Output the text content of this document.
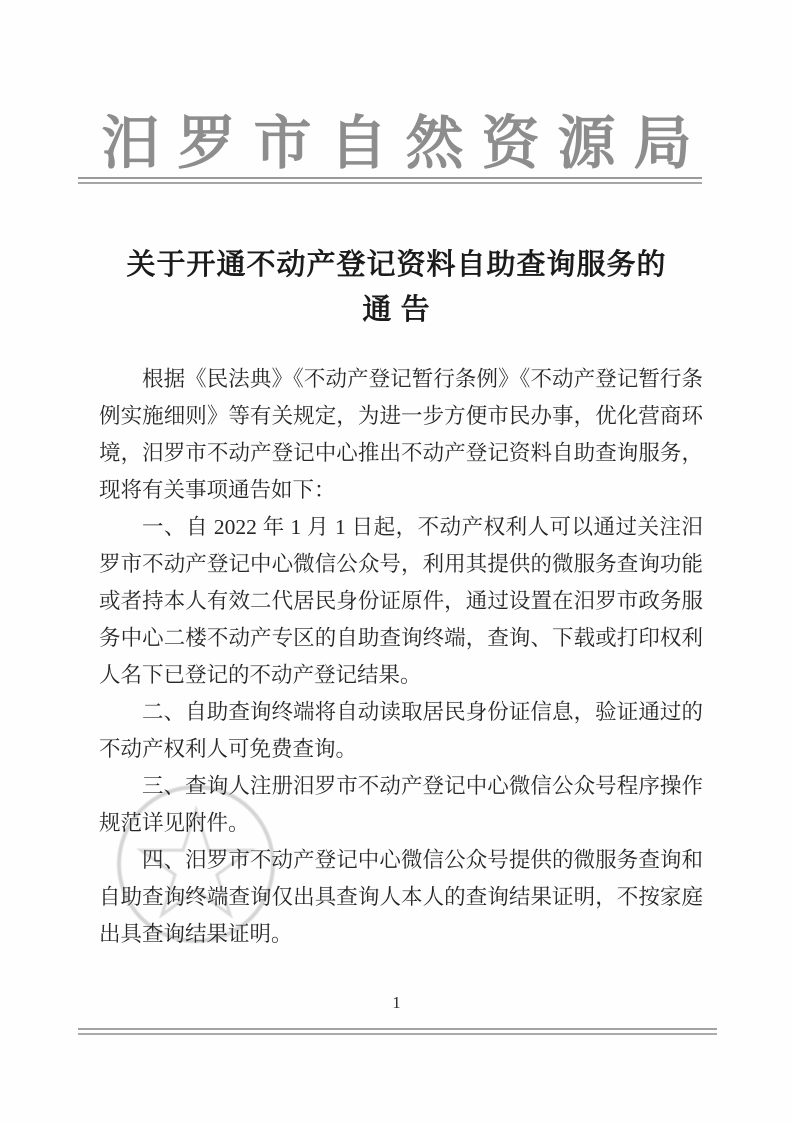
汨罗市自然资源局
关于开通不动产登记资料自助查询服务的
通 告

根据《民法典》《不动产登记暂行条例》《不动产登记暂行条例实施细则》等有关规定，为进一步方便市民办事，优化营商环境，汨罗市不动产登记中心推出不动产登记资料自助查询服务，现将有关事项通告如下：

一、自 2022 年 1 月 1 日起，不动产权利人可以通过关注汨罗市不动产登记中心微信公众号，利用其提供的微服务查询功能或者持本人有效二代居民身份证原件，通过设置在汨罗市政务服务中心二楼不动产专区的自助查询终端，查询、下载或打印权利人名下已登记的不动产登记结果。

二、自助查询终端将自动读取居民身份证信息，验证通过的不动产权利人可免费查询。

三、查询人注册汨罗市不动产登记中心微信公众号程序操作规范详见附件。

四、汨罗市不动产登记中心微信公众号提供的微服务查询和自助查询终端查询仅出具查询人本人的查询结果证明，不按家庭出具查询结果证明。

1
